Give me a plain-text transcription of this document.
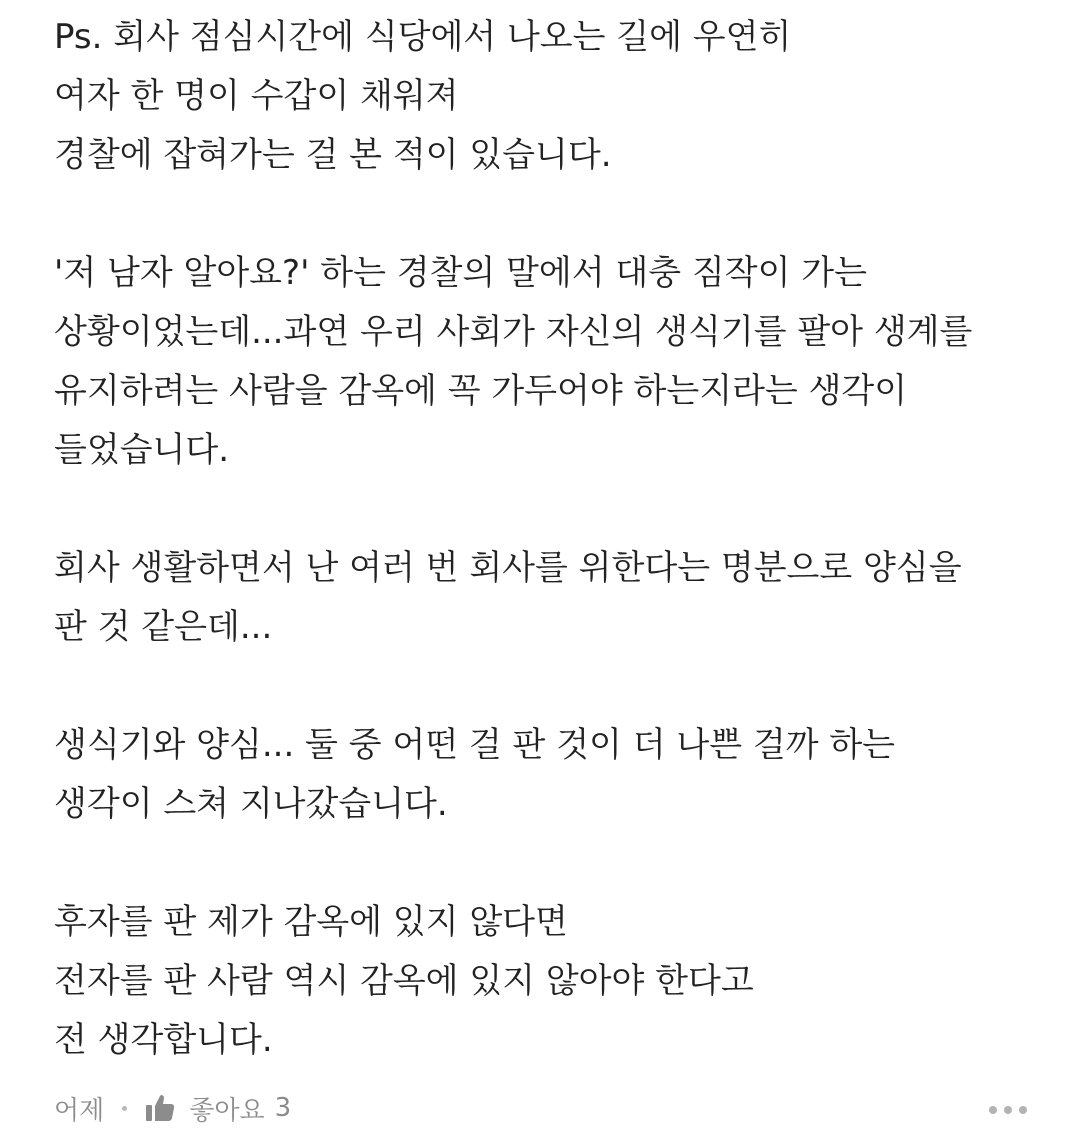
Ps. 회사 점심시간에 식당에서 나오는 길에 우연히
여자 한 명이 수갑이 채워져
경찰에 잡혀가는 걸 본 적이 있습니다.
'저 남자 알아요?' 하는 경찰의 말에서 대충 짐작이 가는
상황이었는데...과연 우리 사회가 자신의 생식기를 팔아 생계를
유지하려는 사람을 감옥에 꼭 가두어야 하는지라는 생각이
들었습니다.
회사 생활하면서 난 여러 번 회사를 위한다는 명분으로 양심을
판 것 같은데...
생식기와 양심... 둘 중 어떤 걸 판 것이 더 나쁜 걸까 하는
생각이 스쳐 지나갔습니다.
후자를 판 제가 감옥에 있지 않다면
전자를 판 사람 역시 감옥에 있지 않아야 한다고
전 생각합니다.
어제	좋아요 3
